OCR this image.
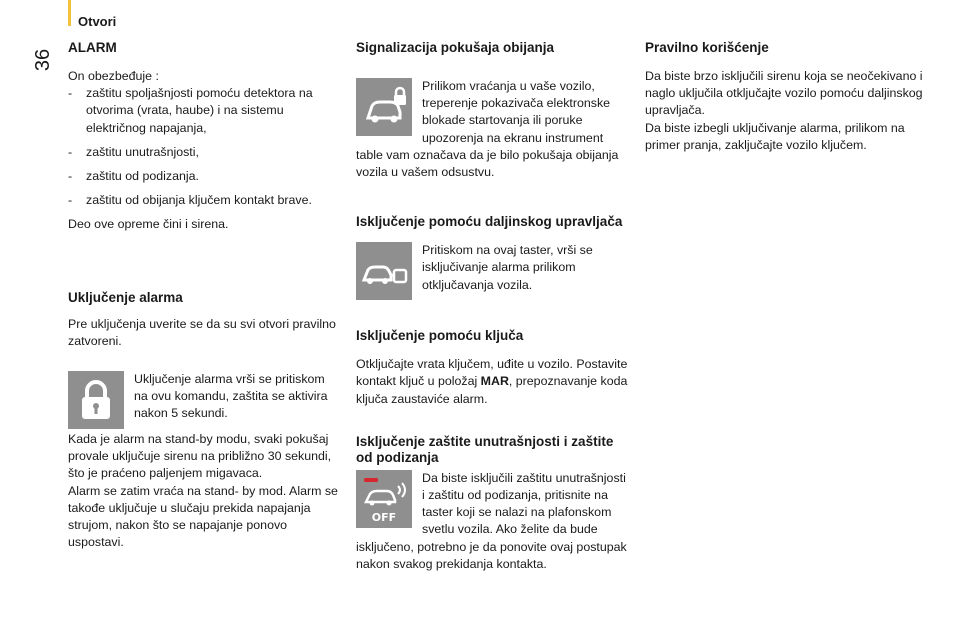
Otvori
36
ALARM

On obezbeđuje :

- zaštitu spoljašnjosti pomoću detektora na otvorima (vrata, haube) i na sistemu električnog napajanja,
- zaštitu unutrašnjosti,
- zaštitu od podizanja.
- zaštitu od obijanja ključem kontakt brave.

Deo ove opreme čini i sirena.

Uključenje alarma

Pre uključenja uverite se da su svi otvori pravilno zatvoreni.

Uključenje alarma vrši se pritiskom na ovu komandu, zaštita se aktivira nakon 5 sekundi.

Kada je alarm na stand-by modu, svaki pokušaj provale uključuje sirenu na približno 30 sekundi, što je praćeno paljenjem migavaca.

Alarm se zatim vraća na stand- by mod. Alarm se takođe uključuje u slučaju prekida napajanja strujom, nakon što se napajanje ponovo uspostavi.

Signalizacija pokušaja obijanja

Prilikom vraćanja u vaše vozilo, treperenje pokazivača elektronske blokade startovanja ili poruke upozorenja na ekranu instrument table vam označava da je bilo pokušaja obijanja vozila u vašem odsustvu.

Isključenje pomoću daljinskog upravljača

Pritiskom na ovaj taster, vrši se isključivanje alarma prilikom otključavanja vozila.

Isključenje pomoću ključa

Otključajte vrata ključem, uđite u vozilo. Postavite kontakt ključ u položaj MAR, prepoznavanje koda ključa zaustaviće alarm.

Isključenje zaštite unutrašnjosti i zaštite od podizanja
OFF

Da biste isključili zaštitu unutrašnjosti i zaštitu od podizanja, pritisnite na taster koji se nalazi na plafonskom svetlu vozila. Ako želite da bude isključeno, potrebno je da ponovite ovaj postupak nakon svakog prekidanja kontakta.

Pravilno korišćenje

Da biste brzo isključili sirenu koja se neočekivano i naglo uključila otključajte vozilo pomoću daljinskog upravljača.

Da biste izbegli uključivanje alarma, prilikom na primer pranja, zaključajte vozilo ključem.
